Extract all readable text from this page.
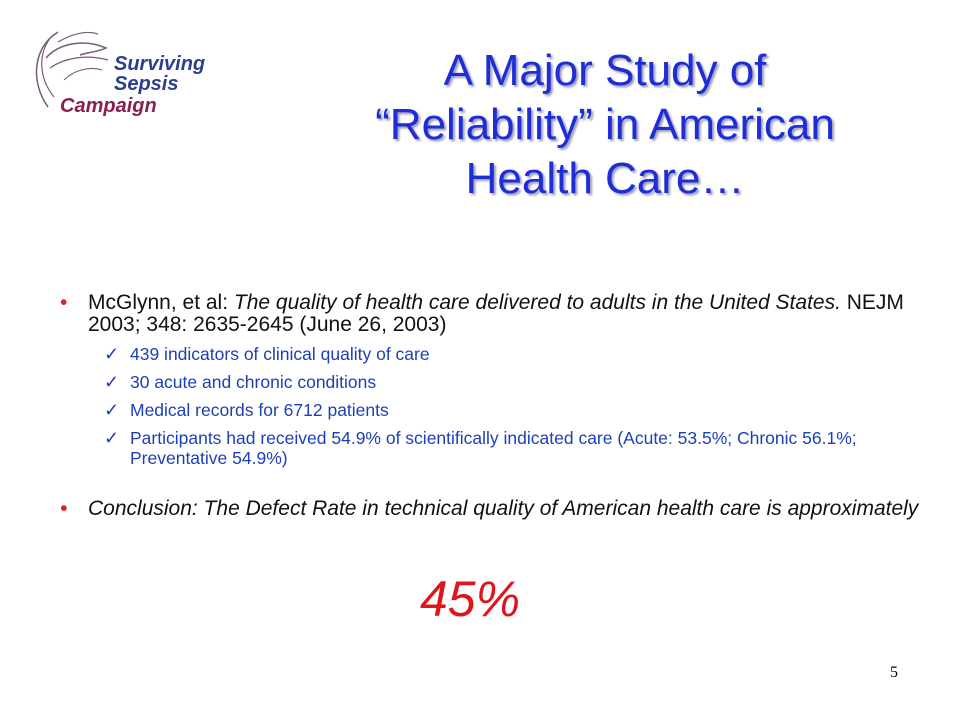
Surviving
Sepsis
Campaign
A Major Study of
“Reliability” in American
Health Care…
• McGlynn, et al: The quality of health care delivered to adults in the United States. NEJM 2003; 348: 2635-2645 (June 26, 2003)
✓ 439 indicators of clinical quality of care
✓ 30 acute and chronic conditions
✓ Medical records for 6712 patients
✓ Participants had received 54.9% of scientifically indicated care (Acute: 53.5%; Chronic 56.1%; Preventative 54.9%)
• Conclusion: The Defect Rate in technical quality of American health care is approximately
45%
5
